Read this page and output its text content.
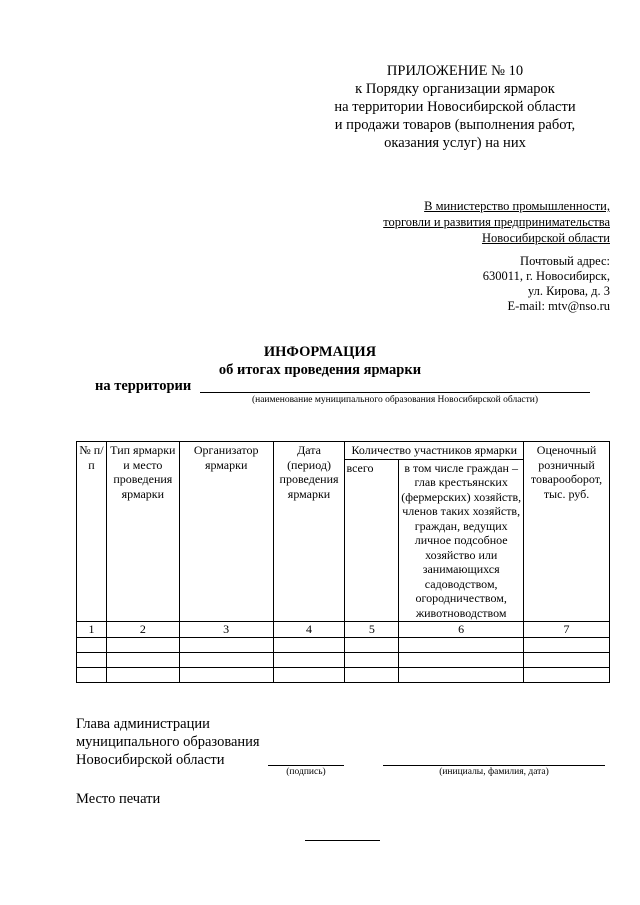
ПРИЛОЖЕНИЕ № 10
к Порядку организации ярмарок
на территории Новосибирской области
и продажи товаров (выполнения работ,
оказания услуг) на них
В министерство промышленности,
торговли и развития предпринимательства
Новосибирской области
Почтовый адрес:
630011, г. Новосибирск,
ул. Кирова, д. 3
E-mail: mtv@nso.ru
ИНФОРМАЦИЯ
об итогах проведения ярмарки
на территории
(наименование муниципального образования Новосибирской области)
№ п/п	Тип ярмарки и место проведения ярмарки	Организатор ярмарки	Дата (период) проведения ярмарки	Количество участников ярмарки		Оценочный розничный товарооборот, тыс. руб.
				всего	в том числе граждан – глав крестьянских (фермерских) хозяйств, членов таких хозяйств, граждан, ведущих личное подсобное хозяйство или занимающихся садоводством, огородничеством, животноводством	
1	2	3	4	5	6	7

Глава администрации
муниципального образования
Новосибирской области
(подпись)	(инициалы, фамилия, дата)
Место печати
